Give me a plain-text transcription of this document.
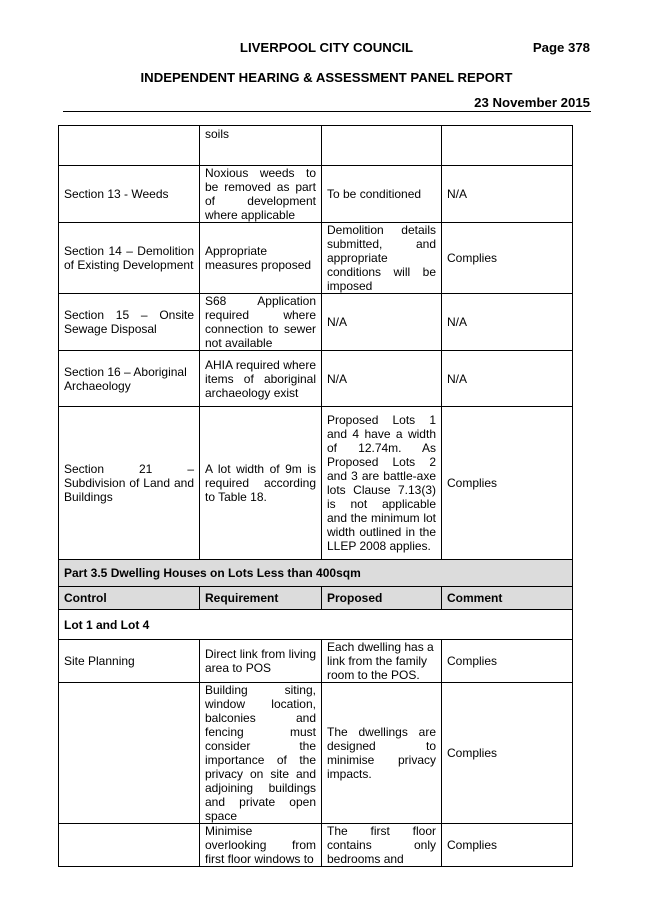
LIVERPOOL CITY COUNCIL	Page 378
INDEPENDENT HEARING & ASSESSMENT PANEL REPORT
23 November 2015
	soils		
Section 13 - Weeds	Noxious weeds to be removed as part of development where applicable	To be conditioned	N/A
Section 14 – Demolition of Existing Development	Appropriate measures proposed	Demolition details submitted, and appropriate conditions will be imposed	Complies
Section 15 – Onsite Sewage Disposal	S68 Application required where connection to sewer not available	N/A	N/A
Section 16 – Aboriginal Archaeology	AHIA required where items of aboriginal archaeology exist	N/A	N/A
Section 21 – Subdivision of Land and Buildings	A lot width of 9m is required according to Table 18.	Proposed Lots 1 and 4 have a width of 12.74m. As Proposed Lots 2 and 3 are battle-axe lots Clause 7.13(3) is not applicable and the minimum lot width outlined in the LLEP 2008 applies.	Complies
Part 3.5 Dwelling Houses on Lots Less than 400sqm			
Control	Requirement	Proposed	Comment
Lot 1 and Lot 4			
Site Planning	Direct link from living area to POS	Each dwelling has a link from the family room to the POS.	Complies
	Building siting, window location, balconies and fencing must consider the importance of the privacy on site and adjoining buildings and private open space	The dwellings are designed to minimise privacy impacts.	Complies
	Minimise overlooking from first floor windows to	The first floor contains only bedrooms and	Complies
